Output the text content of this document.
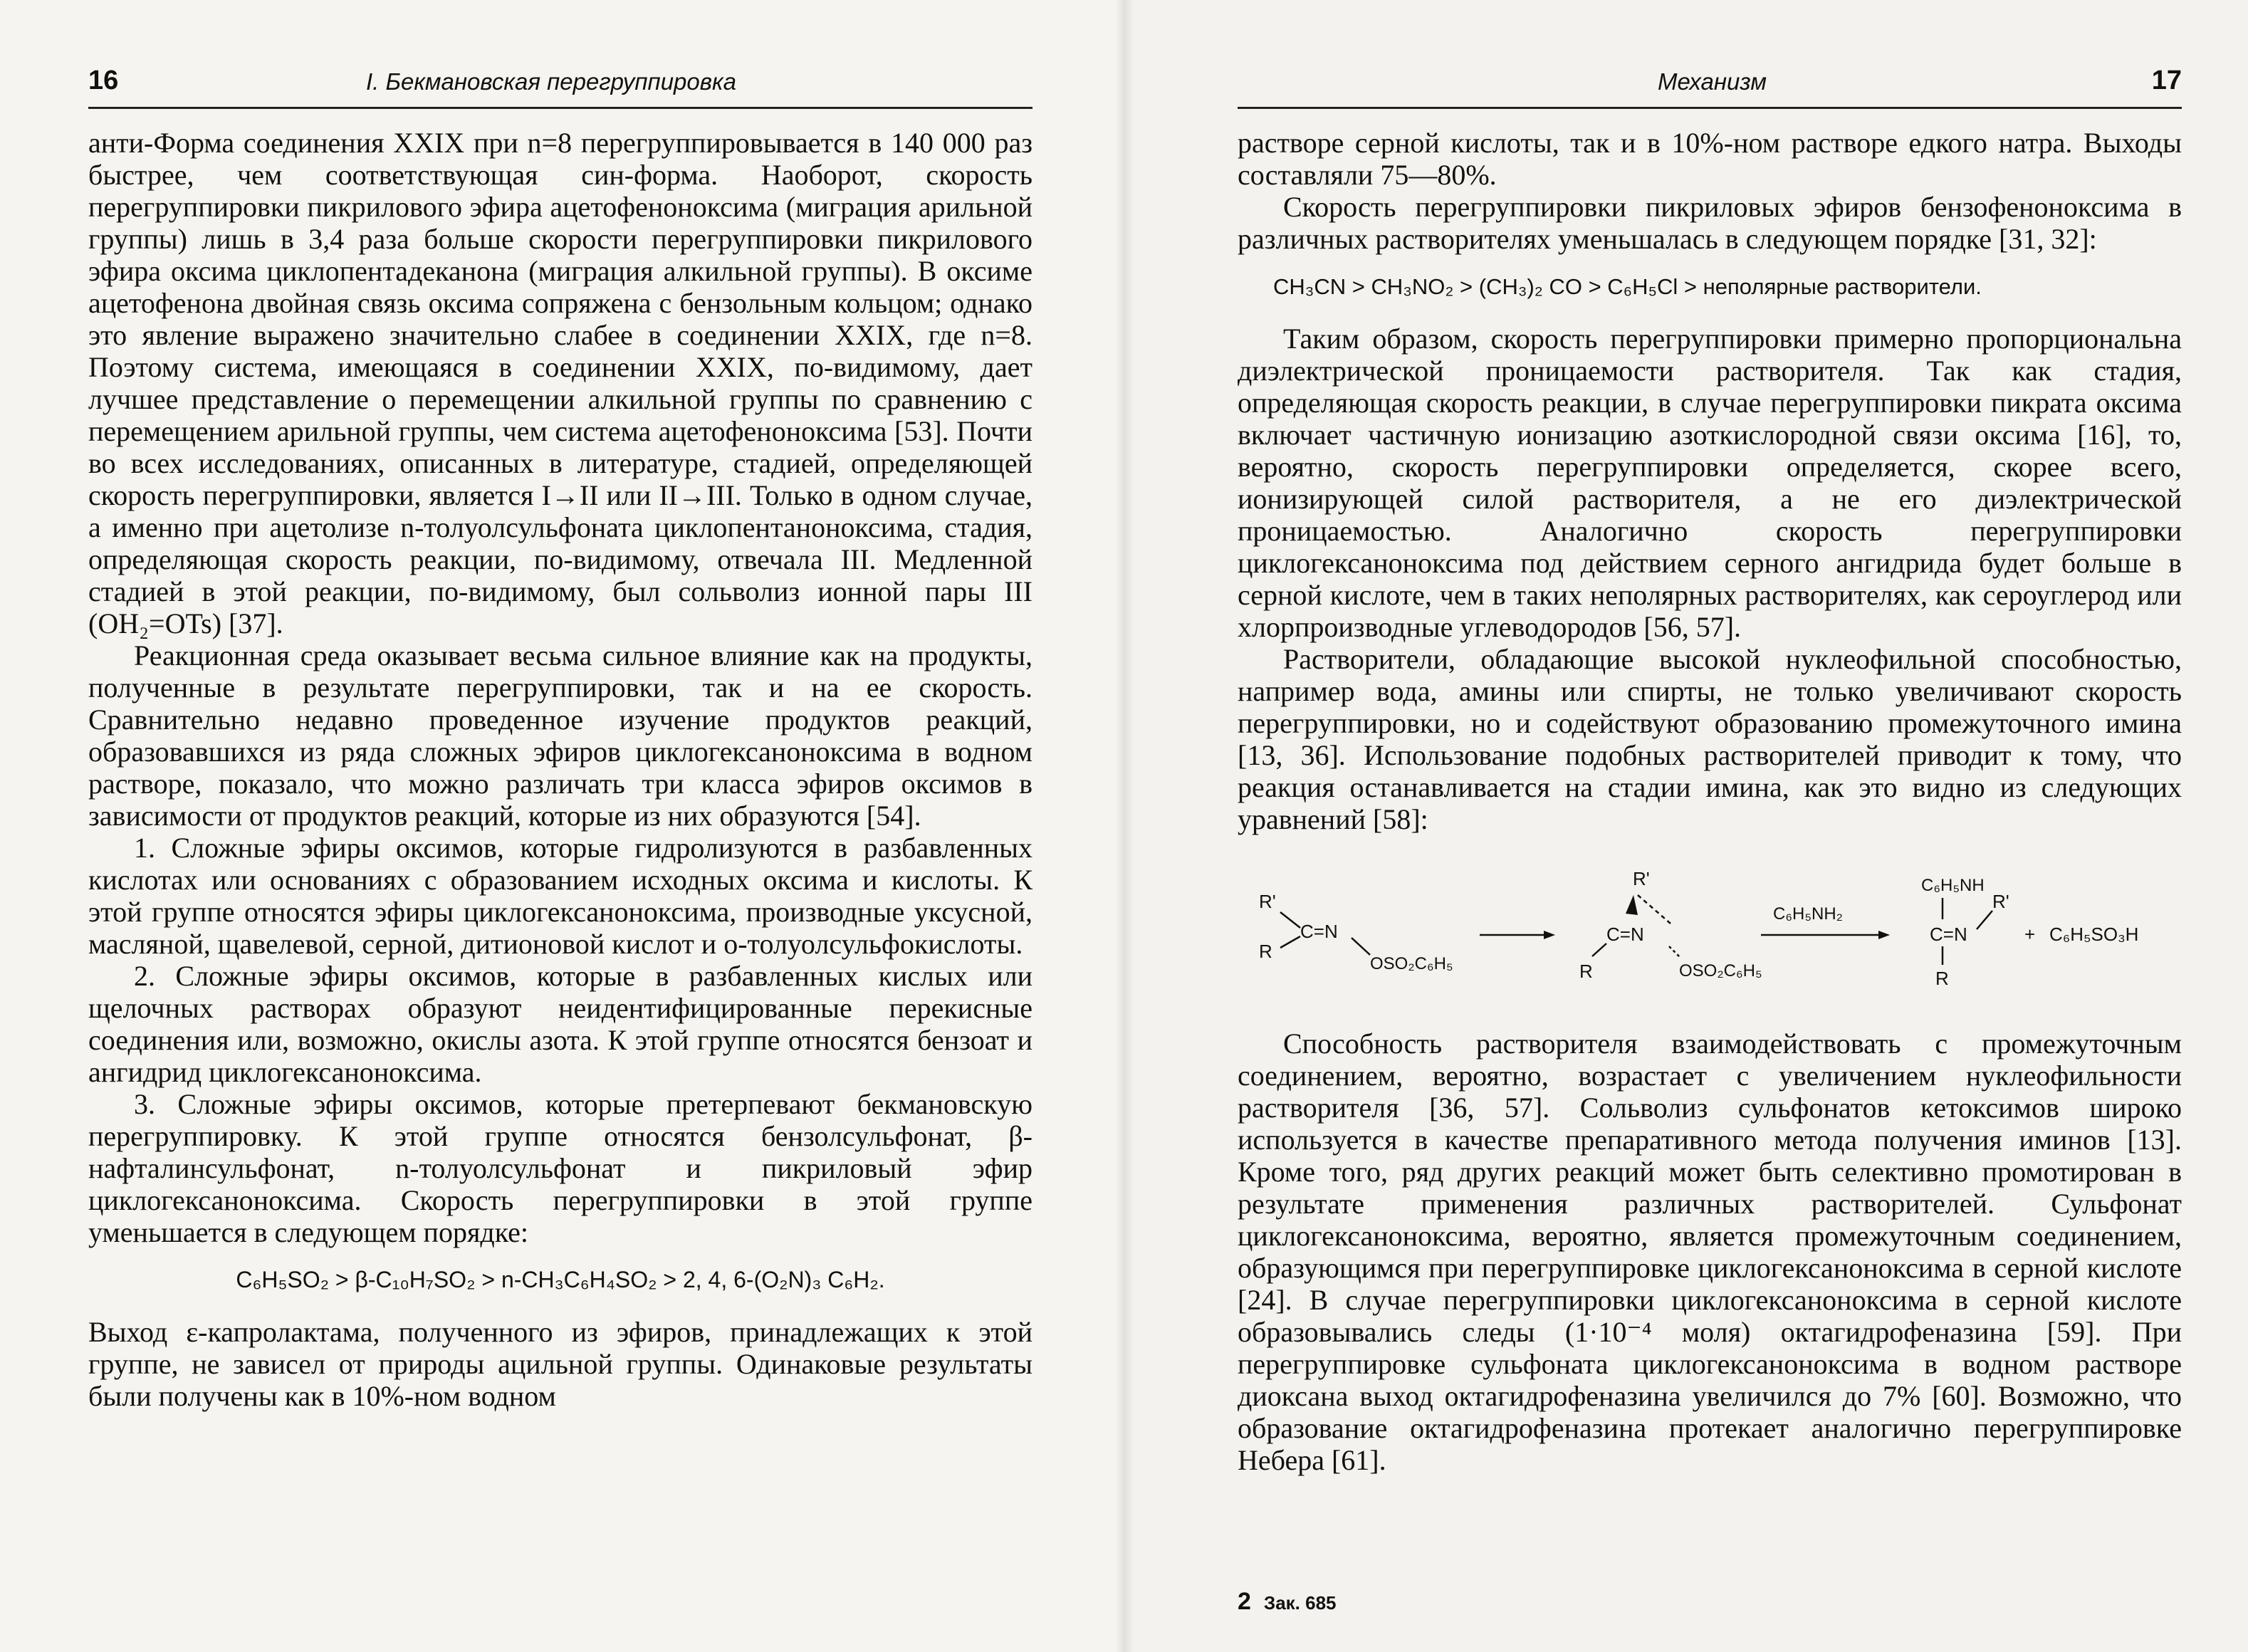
16	I. Бекмановская перегруппировка

анти-Форма соединения XXIX при n=8 перегруппировывается в 140 000 раз быстрее, чем соответствующая син-форма. Наоборот, скорость перегруппировки пикрилового эфира ацетофеноноксима (миграция арильной группы) лишь в 3,4 раза больше скорости перегруппировки пикрилового эфира оксима циклопентадеканона (миграция алкильной группы). В оксиме ацетофенона двойная связь оксима сопряжена с бензольным кольцом; однако это явление выражено значительно слабее в соединении XXIX, где n=8. Поэтому система, имеющаяся в соединении XXIX, по-видимому, дает лучшее представление о перемещении алкильной группы по сравнению с перемещением арильной группы, чем система ацетофеноноксима [53]. Почти во всех исследованиях, описанных в литературе, стадией, определяющей скорость перегруппировки, является I→II или II→III. Только в одном случае, а именно при ацетолизе n-толуолсульфоната циклопентаноноксима, стадия, определяющая скорость реакции, по-видимому, отвечала III. Медленной стадией в этой реакции, по-видимому, был сольволиз ионной пары III (OH₂=OTs) [37].

Реакционная среда оказывает весьма сильное влияние как на продукты, полученные в результате перегруппировки, так и на ее скорость. Сравнительно недавно проведенное изучение продуктов реакций, образовавшихся из ряда сложных эфиров циклогексаноноксима в водном растворе, показало, что можно различать три класса эфиров оксимов в зависимости от продуктов реакций, которые из них образуются [54].

1. Сложные эфиры оксимов, которые гидролизуются в разбавленных кислотах или основаниях с образованием исходных оксима и кислоты. К этой группе относятся эфиры циклогексаноноксима, производные уксусной, масляной, щавелевой, серной, дитионовой кислот и о-толуолсульфокислоты.

2. Сложные эфиры оксимов, которые в разбавленных кислых или щелочных растворах образуют неидентифицированные перекисные соединения или, возможно, окислы азота. К этой группе относятся бензоат и ангидрид циклогексаноноксима.

3. Сложные эфиры оксимов, которые претерпевают бекмановскую перегруппировку. К этой группе относятся бензолсульфонат, β-нафталинсульфонат, n-толуолсульфонат и пикриловый эфир циклогексаноноксима. Скорость перегруппировки в этой группе уменьшается в следующем порядке:

C₆H₅SO₂ > β-C₁₀H₇SO₂ > n-CH₃C₆H₄SO₂ > 2, 4, 6-(O₂N)₃ C₆H₂.

Выход ε-капролактама, полученного из эфиров, принадлежащих к этой группе, не зависел от природы ацильной группы. Одинаковые результаты были получены как в 10%-ном водном

Механизм	17

растворе серной кислоты, так и в 10%-ном растворе едкого натра. Выходы составляли 75—80%.

Скорость перегруппировки пикриловых эфиров бензофеноноксима в различных растворителях уменьшалась в следующем порядке [31, 32]:

CH₃CN > CH₃NO₂ > (CH₃)₂ CO > C₆H₅Cl > неполярные растворители.

Таким образом, скорость перегруппировки примерно пропорциональна диэлектрической проницаемости растворителя. Так как стадия, определяющая скорость реакции, в случае перегруппировки пикрата оксима включает частичную ионизацию азоткислородной связи оксима [16], то, вероятно, скорость перегруппировки определяется, скорее всего, ионизирующей силой растворителя, а не его диэлектрической проницаемостью. Аналогично скорость перегруппировки циклогексаноноксима под действием серного ангидрида будет больше в серной кислоте, чем в таких неполярных растворителях, как сероуглерод или хлорпроизводные углеводородов [56, 57].

Растворители, обладающие высокой нуклеофильной способностью, например вода, амины или спирты, не только увеличивают скорость перегруппировки, но и содействуют образованию промежуточного имина [13, 36]. Использование подобных растворителей приводит к тому, что реакция останавливается на стадии имина, как это видно из следующих уравнений [58]:

R'
R
C=N
OSO₂C₆H₅
R'
C=N
R	OSO₂C₆H₅
C₆H₅NH₂
C₆H₅NH
C=N
R'
R
+ C₆H₅SO₃H

Способность растворителя взаимодействовать с промежуточным соединением, вероятно, возрастает с увеличением нуклеофильности растворителя [36, 57]. Сольволиз сульфонатов кетоксимов широко используется в качестве препаративного метода получения иминов [13]. Кроме того, ряд других реакций может быть селективно промотирован в результате применения различных растворителей. Сульфонат циклогексаноноксима, вероятно, является промежуточным соединением, образующимся при перегруппировке циклогексаноноксима в серной кислоте [24]. В случае перегруппировки циклогексаноноксима в серной кислоте образовывались следы (1·10⁻⁴ моля) октагидрофеназина [59]. При перегруппировке сульфоната циклогексаноноксима в водном растворе диоксана выход октагидрофеназина увеличился до 7% [60]. Возможно, что образование октагидрофеназина протекает аналогично перегруппировке Небера [61].

2 Зак. 685
